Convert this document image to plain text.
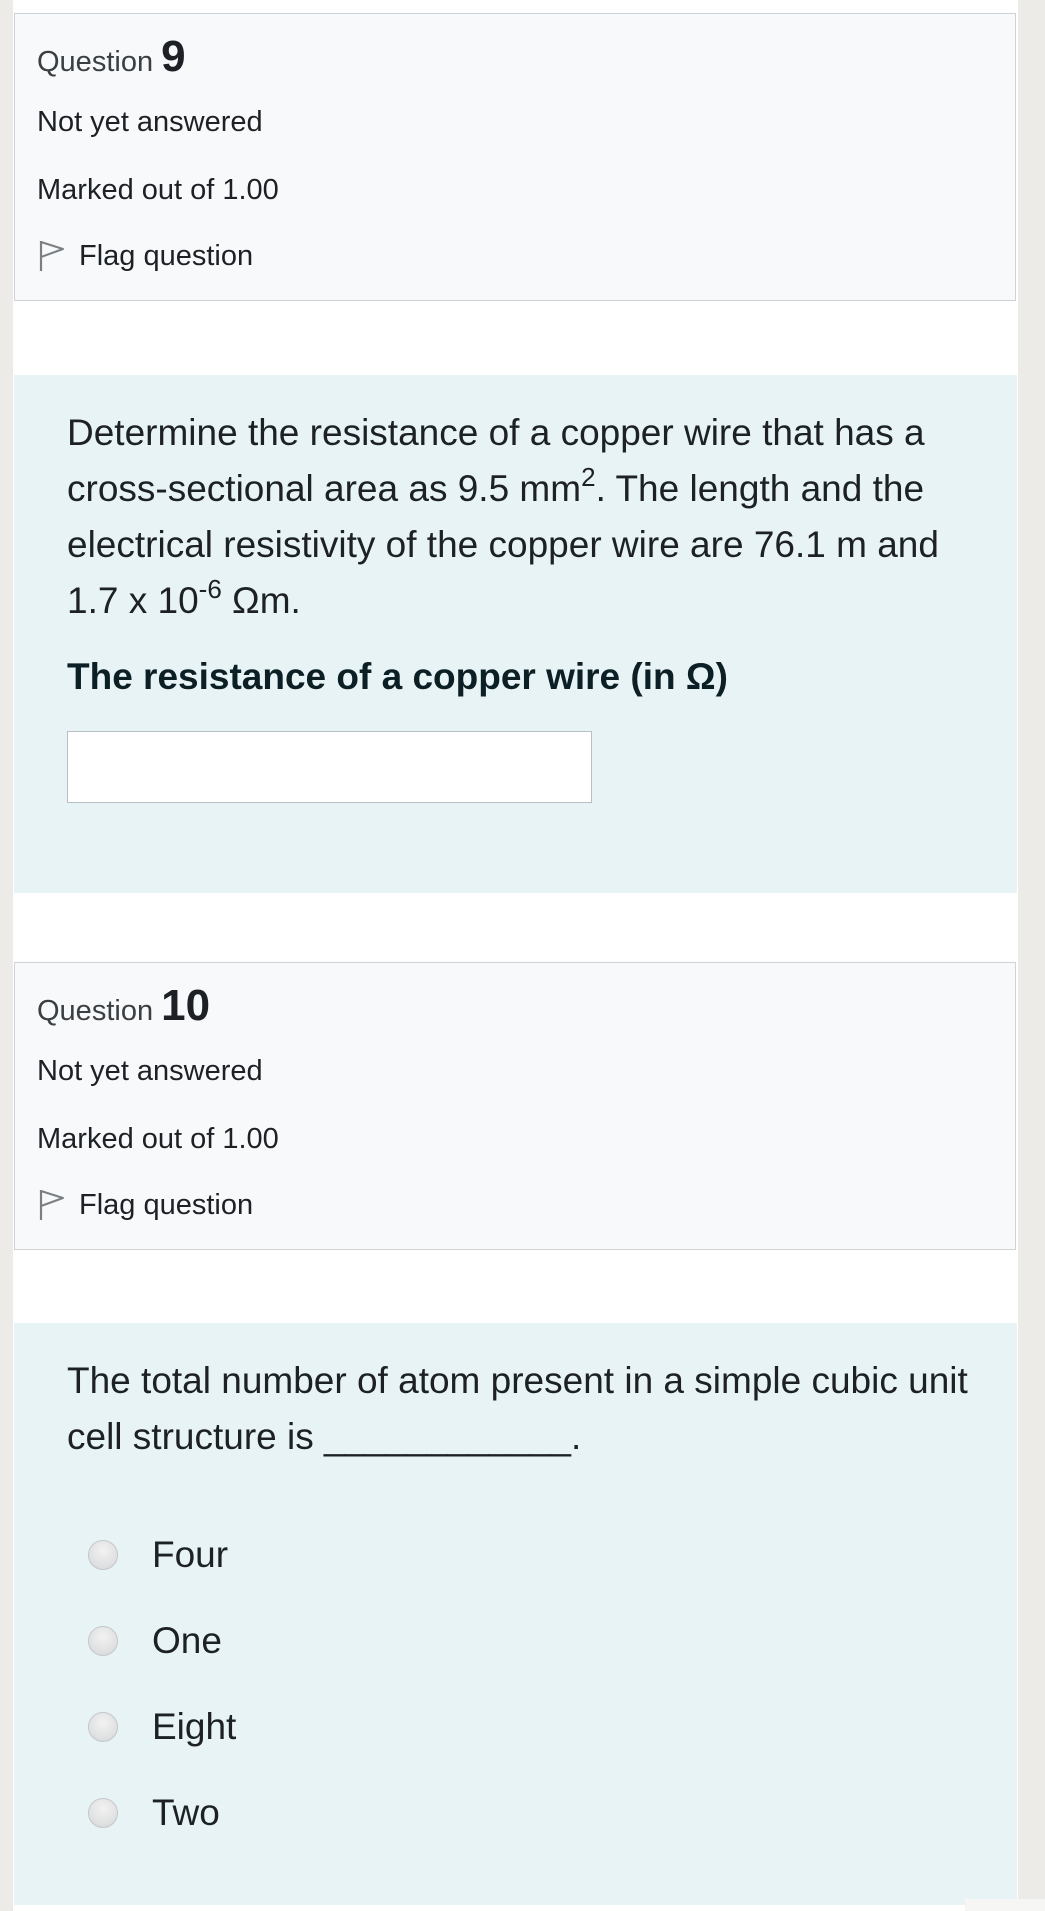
Question 9
Not yet answered
Marked out of 1.00
Flag question
Determine the resistance of a copper wire that has a cross-sectional area as 9.5 $mm^2$. The length and the electrical resistivity of the copper wire are 76.1 m and 1.7 x $10^{-6}$ Ωm.
The resistance of a copper wire (in Ω)
Question 10
Not yet answered
Marked out of 1.00
Flag question
The total number of atom present in a simple cubic unit cell structure is ____________.
Four
One
Eight
Two
